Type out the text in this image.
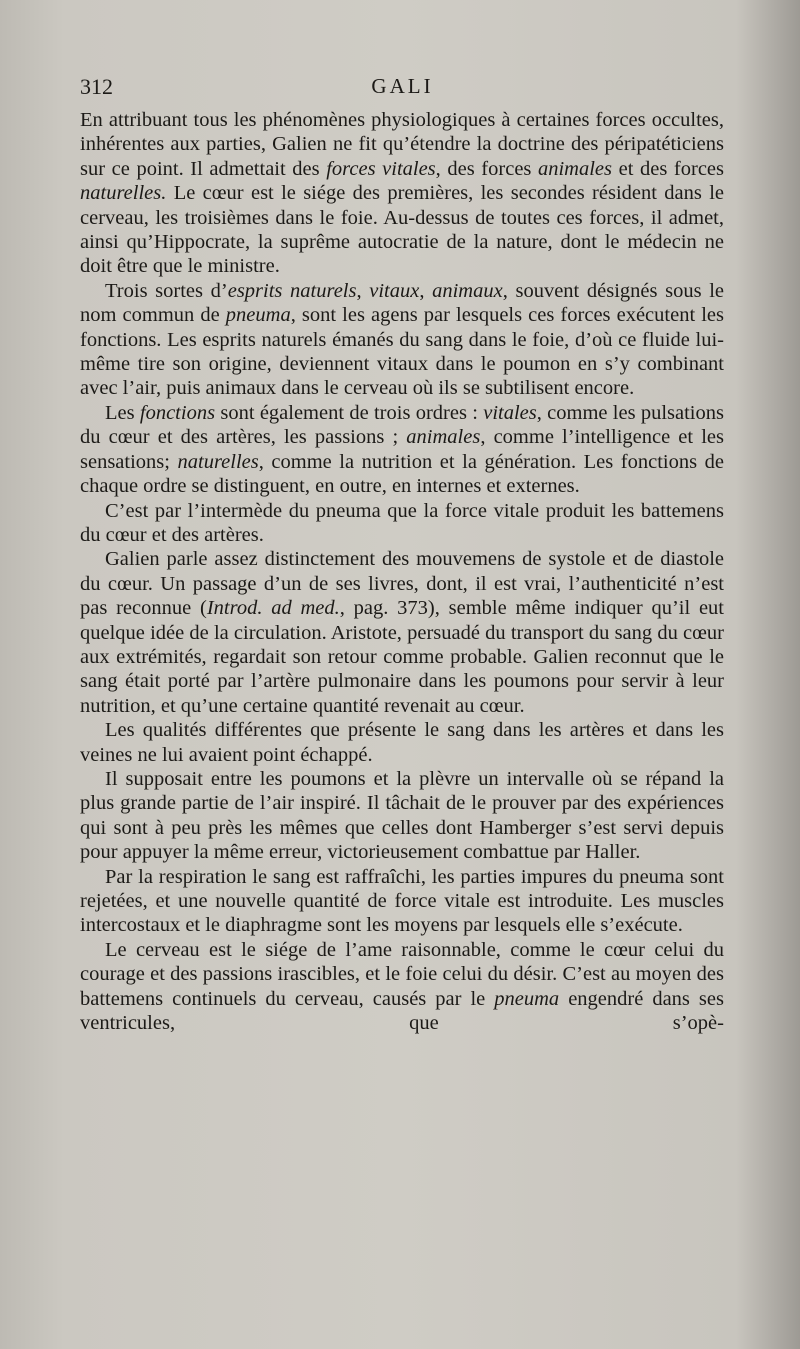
312	GALI

En attribuant tous les phénomènes physiologiques à certaines forces occultes, inhérentes aux parties, Galien ne fit qu’étendre la doctrine des péripatéticiens sur ce point. Il admettait des forces vitales, des forces animales et des forces naturelles. Le cœur est le siége des premières, les secondes résident dans le cerveau, les troisièmes dans le foie. Au-dessus de toutes ces forces, il admet, ainsi qu’Hippocrate, la suprême autocratie de la nature, dont le médecin ne doit être que le ministre.

Trois sortes d’esprits naturels, vitaux, animaux, souvent désignés sous le nom commun de pneuma, sont les agens par lesquels ces forces exécutent les fonctions. Les esprits naturels émanés du sang dans le foie, d’où ce fluide lui-même tire son origine, deviennent vitaux dans le poumon en s’y combinant avec l’air, puis animaux dans le cerveau où ils se subtilisent encore.

Les fonctions sont également de trois ordres : vitales, comme les pulsations du cœur et des artères, les passions ; animales, comme l’intelligence et les sensations; naturelles, comme la nutrition et la génération. Les fonctions de chaque ordre se distinguent, en outre, en internes et externes.

C’est par l’intermède du pneuma que la force vitale produit les battemens du cœur et des artères.

Galien parle assez distinctement des mouvemens de systole et de diastole du cœur. Un passage d’un de ses livres, dont, il est vrai, l’authenticité n’est pas reconnue (Introd. ad med., pag. 373), semble même indiquer qu’il eut quelque idée de la circulation. Aristote, persuadé du transport du sang du cœur aux extrémités, regardait son retour comme probable. Galien reconnut que le sang était porté par l’artère pulmonaire dans les poumons pour servir à leur nutrition, et qu’une certaine quantité revenait au cœur.

Les qualités différentes que présente le sang dans les artères et dans les veines ne lui avaient point échappé.

Il supposait entre les poumons et la plèvre un intervalle où se répand la plus grande partie de l’air inspiré. Il tâchait de le prouver par des expériences qui sont à peu près les mêmes que celles dont Hamberger s’est servi depuis pour appuyer la même erreur, victorieusement combattue par Haller.

Par la respiration le sang est raffraîchi, les parties impures du pneuma sont rejetées, et une nouvelle quantité de force vitale est introduite. Les muscles intercostaux et le diaphragme sont les moyens par lesquels elle s’exécute.

Le cerveau est le siége de l’ame raisonnable, comme le cœur celui du courage et des passions irascibles, et le foie celui du désir. C’est au moyen des battemens continuels du cerveau, causés par le pneuma engendré dans ses ventricules, que s’opè-
